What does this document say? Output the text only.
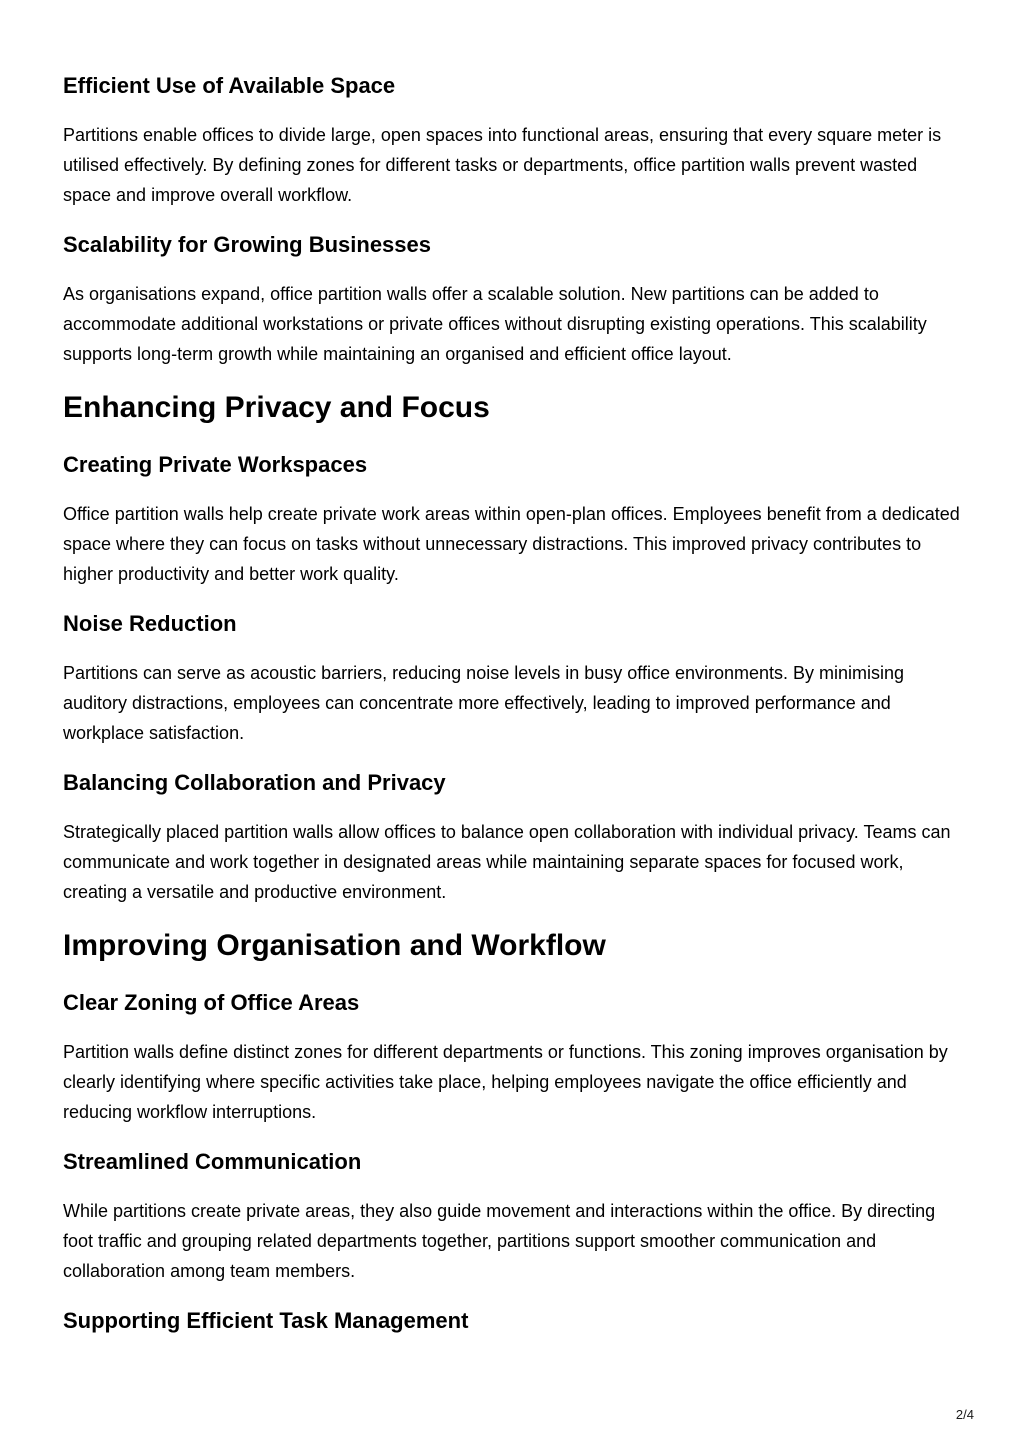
Efficient Use of Available Space

Partitions enable offices to divide large, open spaces into functional areas, ensuring that every square meter is utilised effectively. By defining zones for different tasks or departments, office partition walls prevent wasted space and improve overall workflow.

Scalability for Growing Businesses

As organisations expand, office partition walls offer a scalable solution. New partitions can be added to accommodate additional workstations or private offices without disrupting existing operations. This scalability supports long-term growth while maintaining an organised and efficient office layout.

Enhancing Privacy and Focus
Creating Private Workspaces

Office partition walls help create private work areas within open-plan offices. Employees benefit from a dedicated space where they can focus on tasks without unnecessary distractions. This improved privacy contributes to higher productivity and better work quality.

Noise Reduction

Partitions can serve as acoustic barriers, reducing noise levels in busy office environments. By minimising auditory distractions, employees can concentrate more effectively, leading to improved performance and workplace satisfaction.

Balancing Collaboration and Privacy

Strategically placed partition walls allow offices to balance open collaboration with individual privacy. Teams can communicate and work together in designated areas while maintaining separate spaces for focused work, creating a versatile and productive environment.

Improving Organisation and Workflow
Clear Zoning of Office Areas

Partition walls define distinct zones for different departments or functions. This zoning improves organisation by clearly identifying where specific activities take place, helping employees navigate the office efficiently and reducing workflow interruptions.

Streamlined Communication

While partitions create private areas, they also guide movement and interactions within the office. By directing foot traffic and grouping related departments together, partitions support smoother communication and collaboration among team members.

Supporting Efficient Task Management
2/4
